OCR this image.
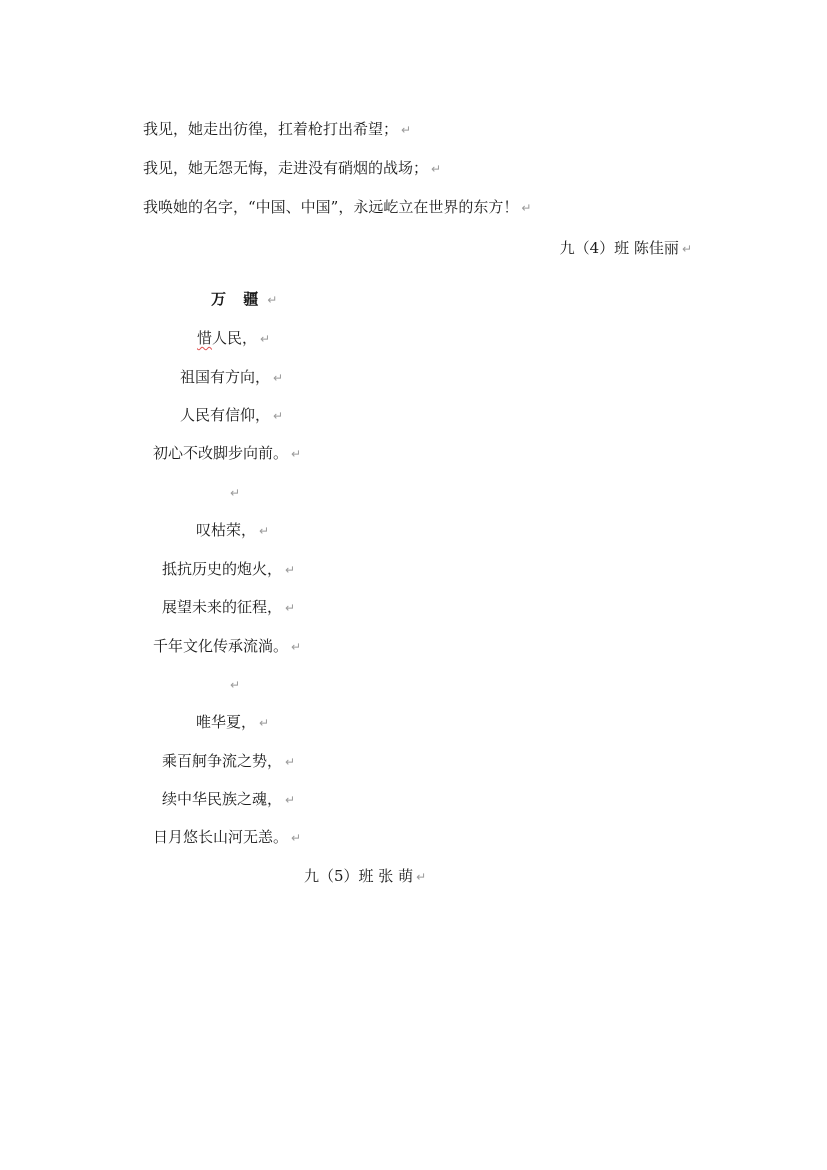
我见，她走出彷徨，扛着枪打出希望； ↵
我见，她无怨无悔，走进没有硝烟的战场； ↵
我唤她的名字，“中国、中国”，永远屹立在世界的东方！ ↵
九（4）班 陈佳丽 ↵
万 疆 ↵
惜人民， ↵
祖国有方向， ↵
人民有信仰， ↵
初心不改脚步向前。 ↵
↵
叹枯荣， ↵
抵抗历史的炮火， ↵
展望未来的征程， ↵
千年文化传承流淌。 ↵
↵
唯华夏， ↵
乘百舸争流之势， ↵
续中华民族之魂， ↵
日月悠长山河无恙。 ↵
九（5）班 张 萌 ↵
